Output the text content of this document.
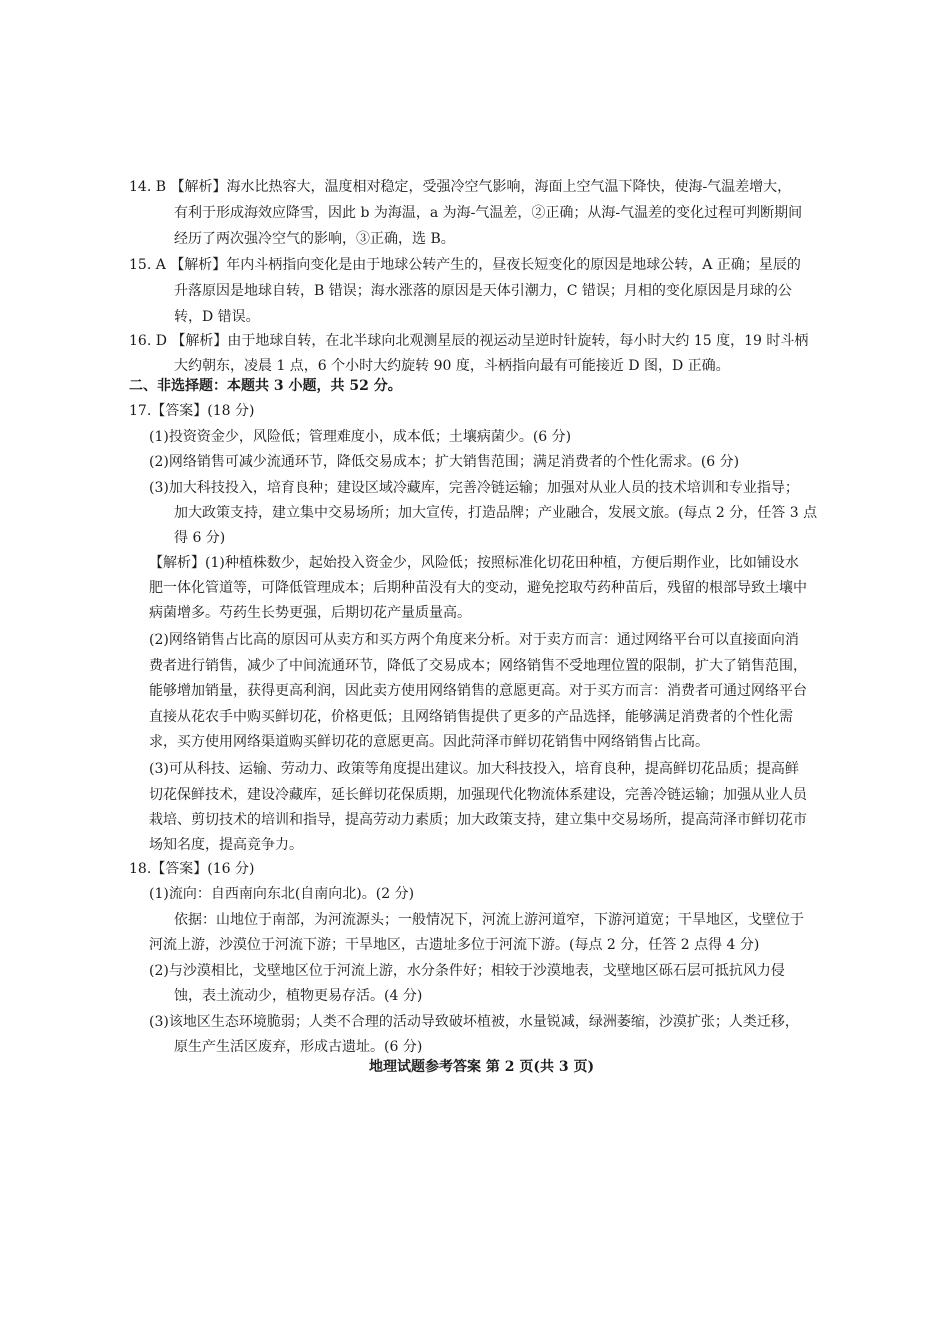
14. B 【解析】海水比热容大，温度相对稳定，受强冷空气影响，海面上空气温下降快，使海-气温差增大，
有利于形成海效应降雪，因此 b 为海温，a 为海-气温差，②正确；从海-气温差的变化过程可判断期间
经历了两次强冷空气的影响，③正确，选 B。
15. A 【解析】年内斗柄指向变化是由于地球公转产生的，昼夜长短变化的原因是地球公转，A 正确；星辰的
升落原因是地球自转，B 错误；海水涨落的原因是天体引潮力，C 错误；月相的变化原因是月球的公
转，D 错误。
16. D 【解析】由于地球自转，在北半球向北观测星辰的视运动呈逆时针旋转，每小时大约 15 度，19 时斗柄
大约朝东，凌晨 1 点，6 个小时大约旋转 90 度，斗柄指向最有可能接近 D 图，D 正确。
二、非选择题：本题共 3 小题，共 52 分。
17.【答案】(18 分)
(1)投资资金少，风险低；管理难度小，成本低；土壤病菌少。(6 分)
(2)网络销售可减少流通环节，降低交易成本；扩大销售范围；满足消费者的个性化需求。(6 分)
(3)加大科技投入，培育良种；建设区域冷藏库，完善冷链运输；加强对从业人员的技术培训和专业指导；
加大政策支持，建立集中交易场所；加大宣传，打造品牌；产业融合，发展文旅。(每点 2 分，任答 3 点
得 6 分)
【解析】(1)种植株数少，起始投入资金少，风险低；按照标准化切花田种植，方便后期作业，比如铺设水
肥一体化管道等，可降低管理成本；后期种苗没有大的变动，避免挖取芍药种苗后，残留的根部导致土壤中
病菌增多。芍药生长势更强，后期切花产量质量高。
(2)网络销售占比高的原因可从卖方和买方两个角度来分析。对于卖方而言：通过网络平台可以直接面向消
费者进行销售，减少了中间流通环节，降低了交易成本；网络销售不受地理位置的限制，扩大了销售范围，
能够增加销量，获得更高利润，因此卖方使用网络销售的意愿更高。对于买方而言：消费者可通过网络平台
直接从花农手中购买鲜切花，价格更低；且网络销售提供了更多的产品选择，能够满足消费者的个性化需
求，买方使用网络渠道购买鲜切花的意愿更高。因此菏泽市鲜切花销售中网络销售占比高。
(3)可从科技、运输、劳动力、政策等角度提出建议。加大科技投入，培育良种，提高鲜切花品质；提高鲜
切花保鲜技术，建设冷藏库，延长鲜切花保质期，加强现代化物流体系建设，完善冷链运输；加强从业人员
栽培、剪切技术的培训和指导，提高劳动力素质；加大政策支持，建立集中交易场所，提高菏泽市鲜切花市
场知名度，提高竞争力。
18.【答案】(16 分)
(1)流向：自西南向东北(自南向北)。(2 分)
依据：山地位于南部，为河流源头；一般情况下，河流上游河道窄，下游河道宽；干旱地区，戈壁位于
河流上游，沙漠位于河流下游；干旱地区，古遗址多位于河流下游。(每点 2 分，任答 2 点得 4 分)
(2)与沙漠相比，戈壁地区位于河流上游，水分条件好；相较于沙漠地表，戈壁地区砾石层可抵抗风力侵
蚀，表土流动少，植物更易存活。(4 分)
(3)该地区生态环境脆弱；人类不合理的活动导致破坏植被，水量锐减，绿洲萎缩，沙漠扩张；人类迁移，
原生产生活区废弃，形成古遗址。(6 分)
地理试题参考答案 第 2 页(共 3 页)
